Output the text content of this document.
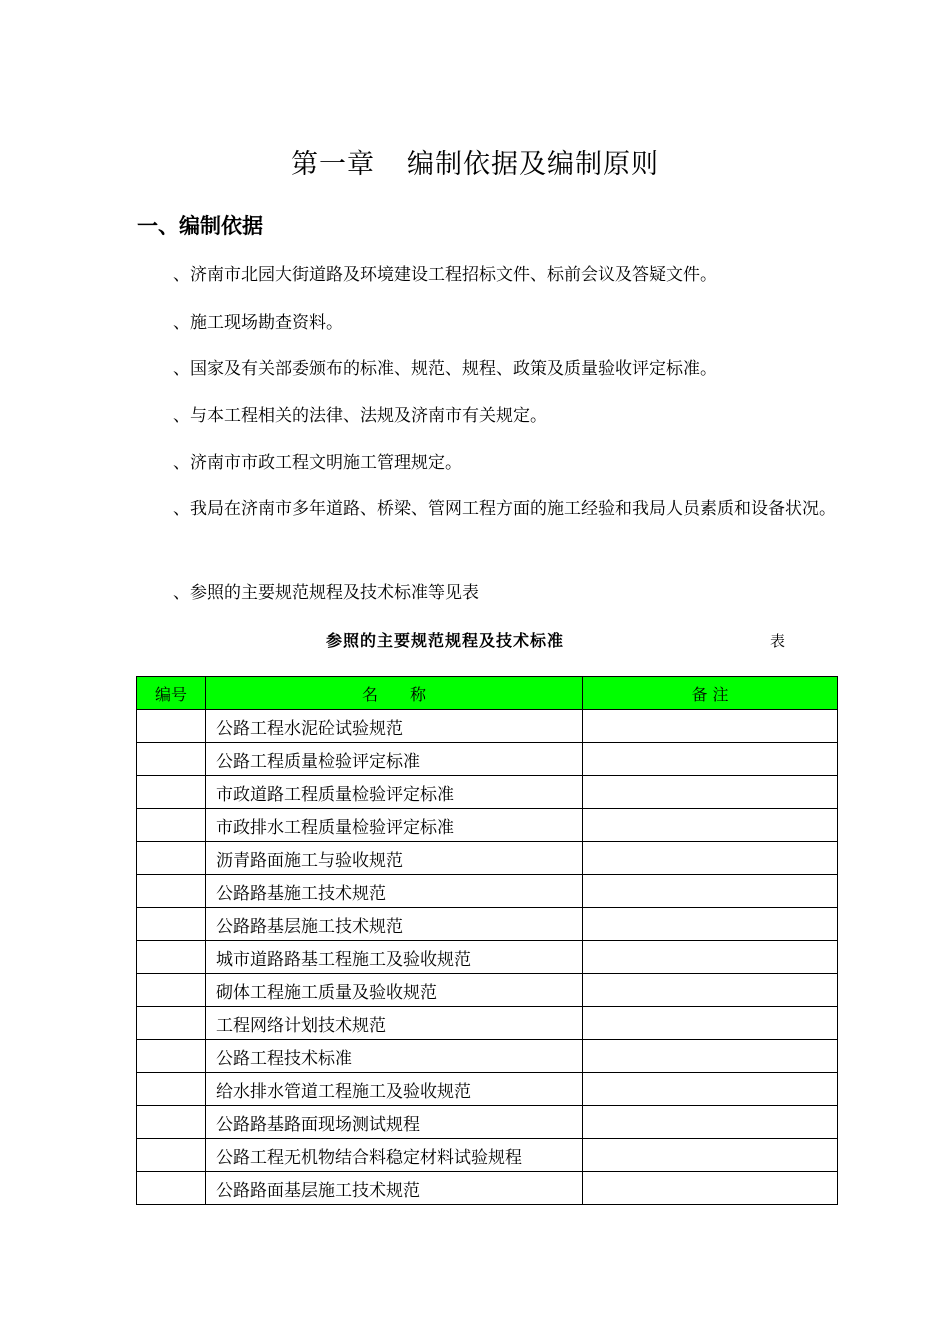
第一章 编制依据及编制原则
一、编制依据
、济南市北园大街道路及环境建设工程招标文件、标前会议及答疑文件。
、施工现场勘查资料。
、国家及有关部委颁布的标准、规范、规程、政策及质量验收评定标准。
、与本工程相关的法律、法规及济南市有关规定。
、济南市市政工程文明施工管理规定。
、我局在济南市多年道路、桥梁、管网工程方面的施工经验和我局人员素质和设备状况。
、参照的主要规范规程及技术标准等见表
参照的主要规范规程及技术标准	表
编号	名　　称	备 注
	公路工程水泥砼试验规范	
	公路工程质量检验评定标准	
	市政道路工程质量检验评定标准	
	市政排水工程质量检验评定标准	
	沥青路面施工与验收规范	
	公路路基施工技术规范	
	公路路基层施工技术规范	
	城市道路路基工程施工及验收规范	
	砌体工程施工质量及验收规范	
	工程网络计划技术规范	
	公路工程技术标准	
	给水排水管道工程施工及验收规范	
	公路路基路面现场测试规程	
	公路工程无机物结合料稳定材料试验规程	
	公路路面基层施工技术规范	
